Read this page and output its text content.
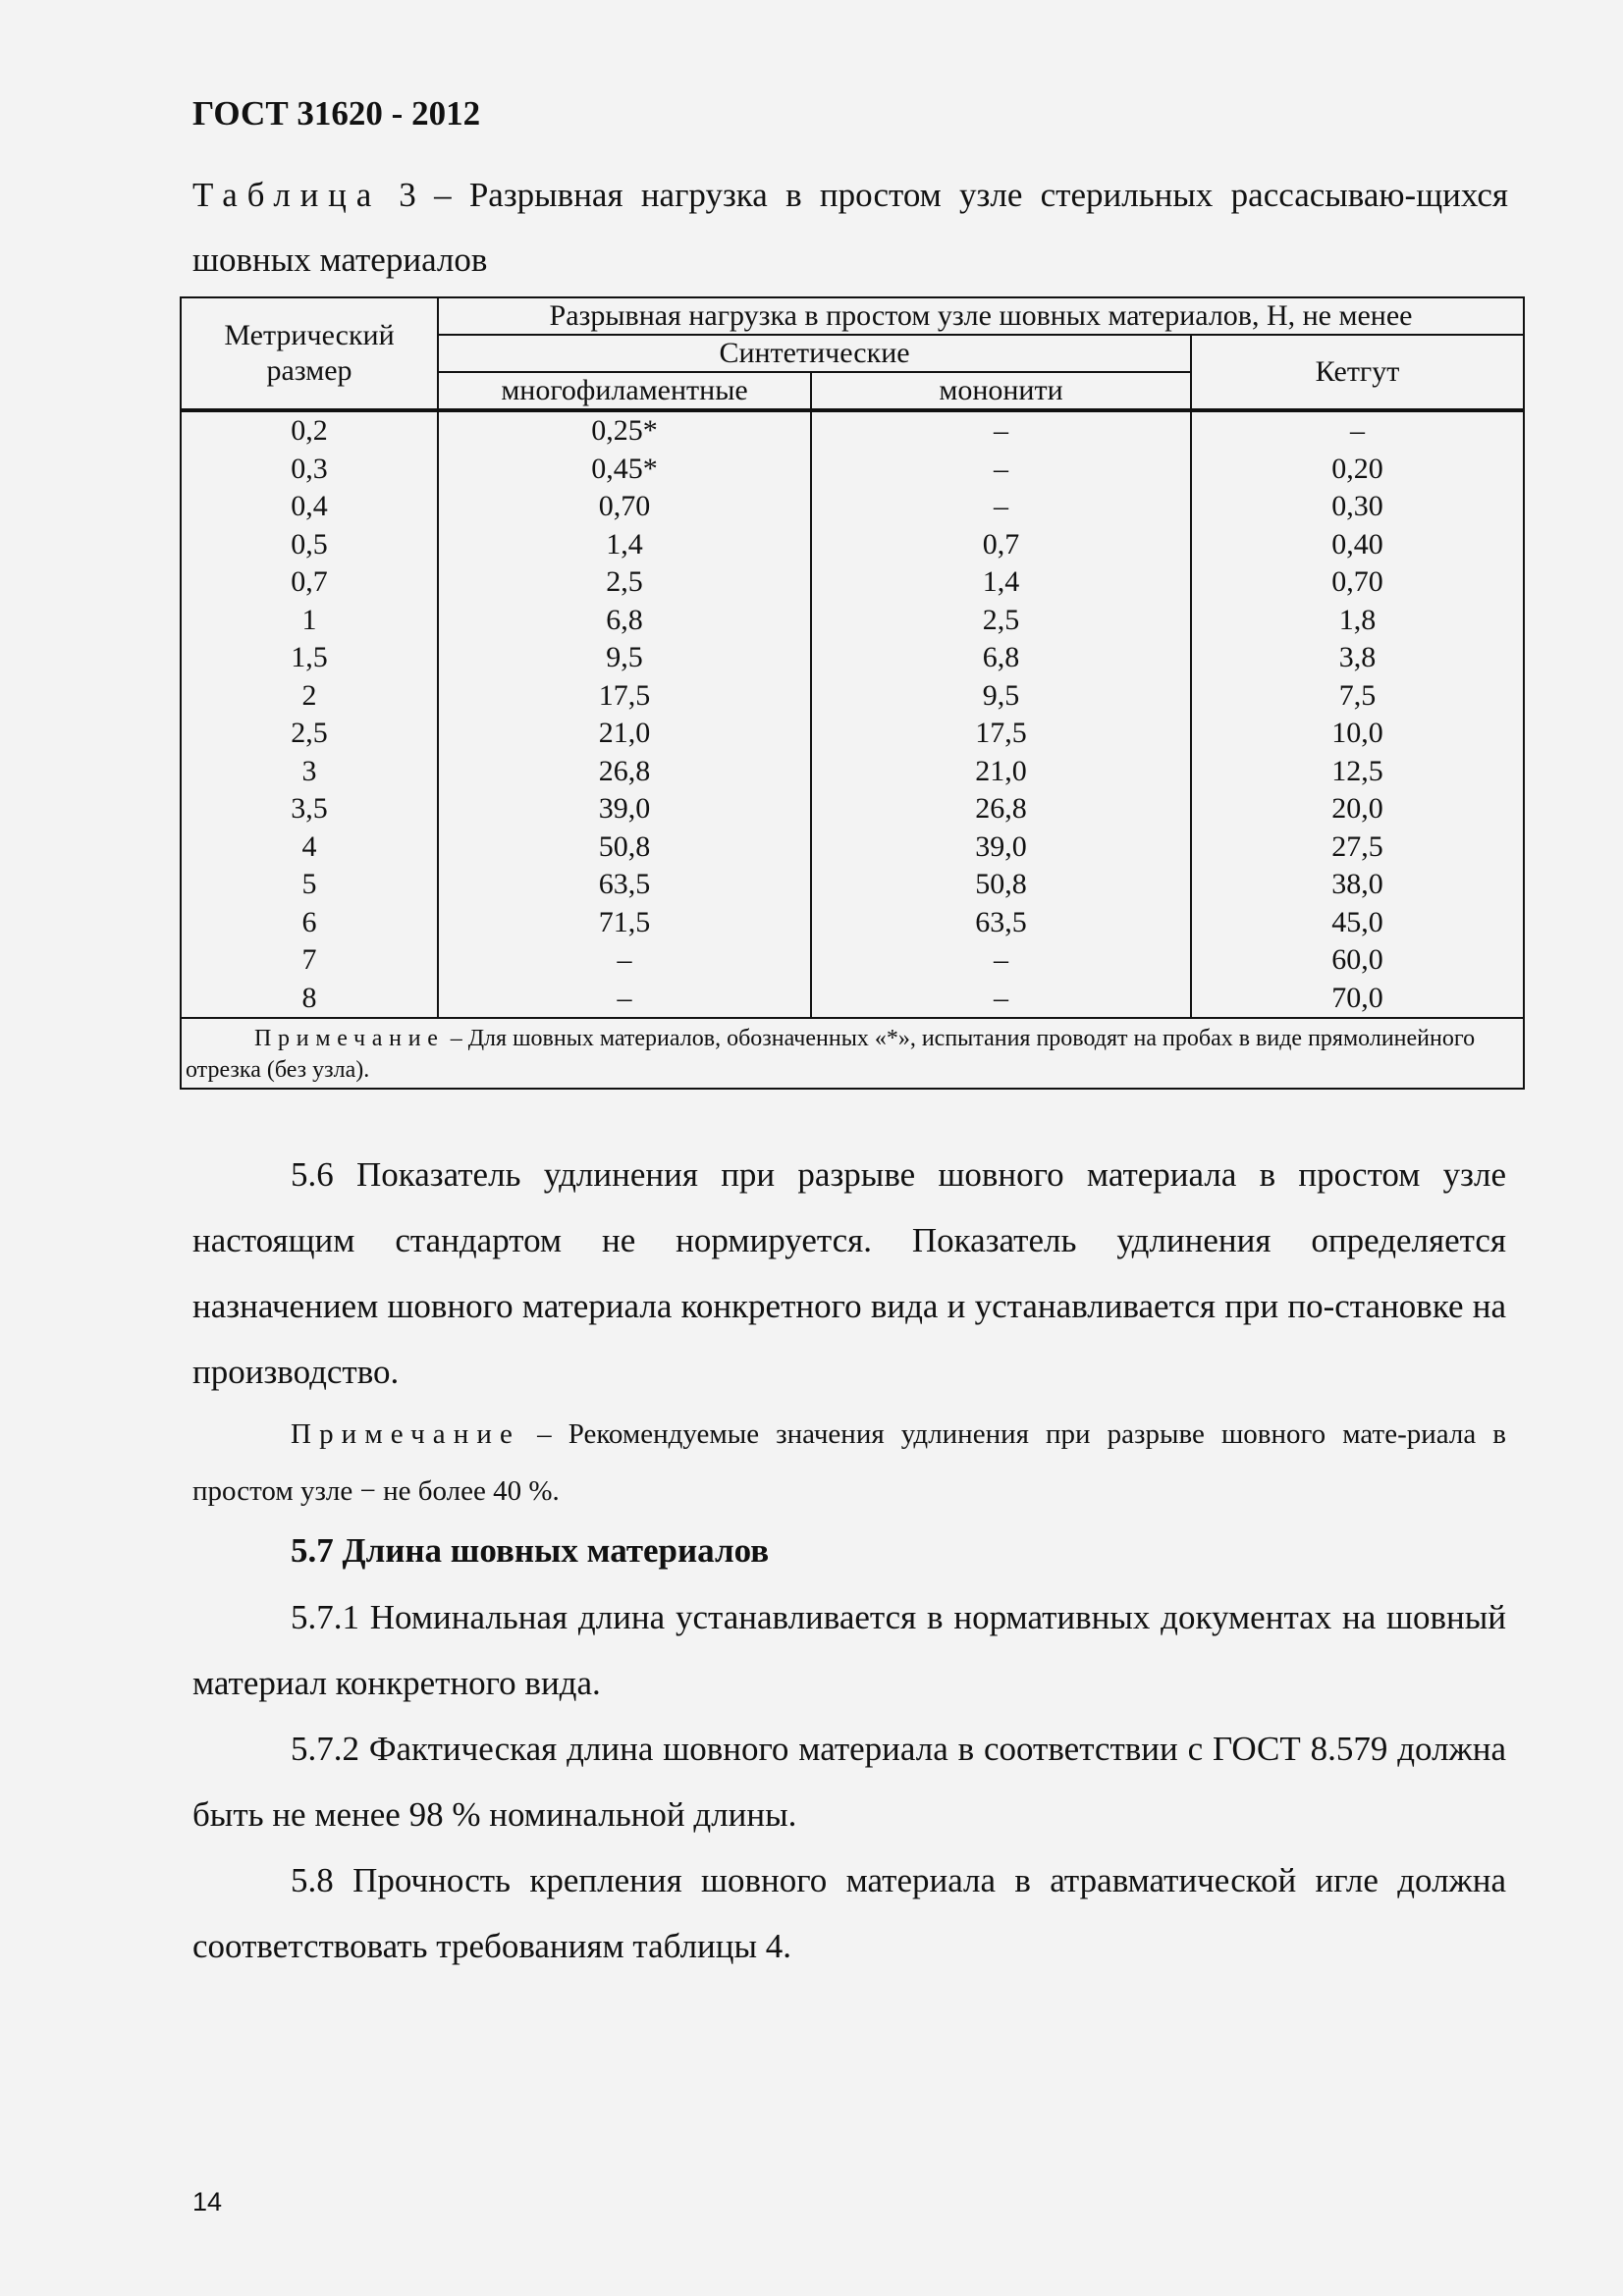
ГОСТ 31620 - 2012
Таблица 3 – Разрывная нагрузка в простом узле стерильных рассасываю-щихся шовных материалов
Метрический размер	Разрывная нагрузка в простом узле шовных материалов, Н, не менее		
	Синтетические		Кетгут
	многофиламентные	мононити	
0,2	0,25*	–	–
0,3	0,45*	–	0,20
0,4	0,70	–	0,30
0,5	1,4	0,7	0,40
0,7	2,5	1,4	0,70
1	6,8	2,5	1,8
1,5	9,5	6,8	3,8
2	17,5	9,5	7,5
2,5	21,0	17,5	10,0
3	26,8	21,0	12,5
3,5	39,0	26,8	20,0
4	50,8	39,0	27,5
5	63,5	50,8	38,0
6	71,5	63,5	45,0
7	–	–	60,0
8	–	–	70,0
Примечание – Для шовных материалов, обозначенных «*», испытания проводят на пробах в виде прямолинейного отрезка (без узла).			
5.6 Показатель удлинения при разрыве шовного материала в простом узле настоящим стандартом не нормируется. Показатель удлинения определяется назначением шовного материала конкретного вида и устанавливается при по-становке на производство.
Примечание – Рекомендуемые значения удлинения при разрыве шовного мате-риала в простом узле − не более 40 %.
5.7 Длина шовных материалов
5.7.1 Номинальная длина устанавливается в нормативных документах на шовный материал конкретного вида.
5.7.2 Фактическая длина шовного материала в соответствии с ГОСТ 8.579 должна быть не менее 98 % номинальной длины.
5.8 Прочность крепления шовного материала в атравматической игле должна соответствовать требованиям таблицы 4.
14
